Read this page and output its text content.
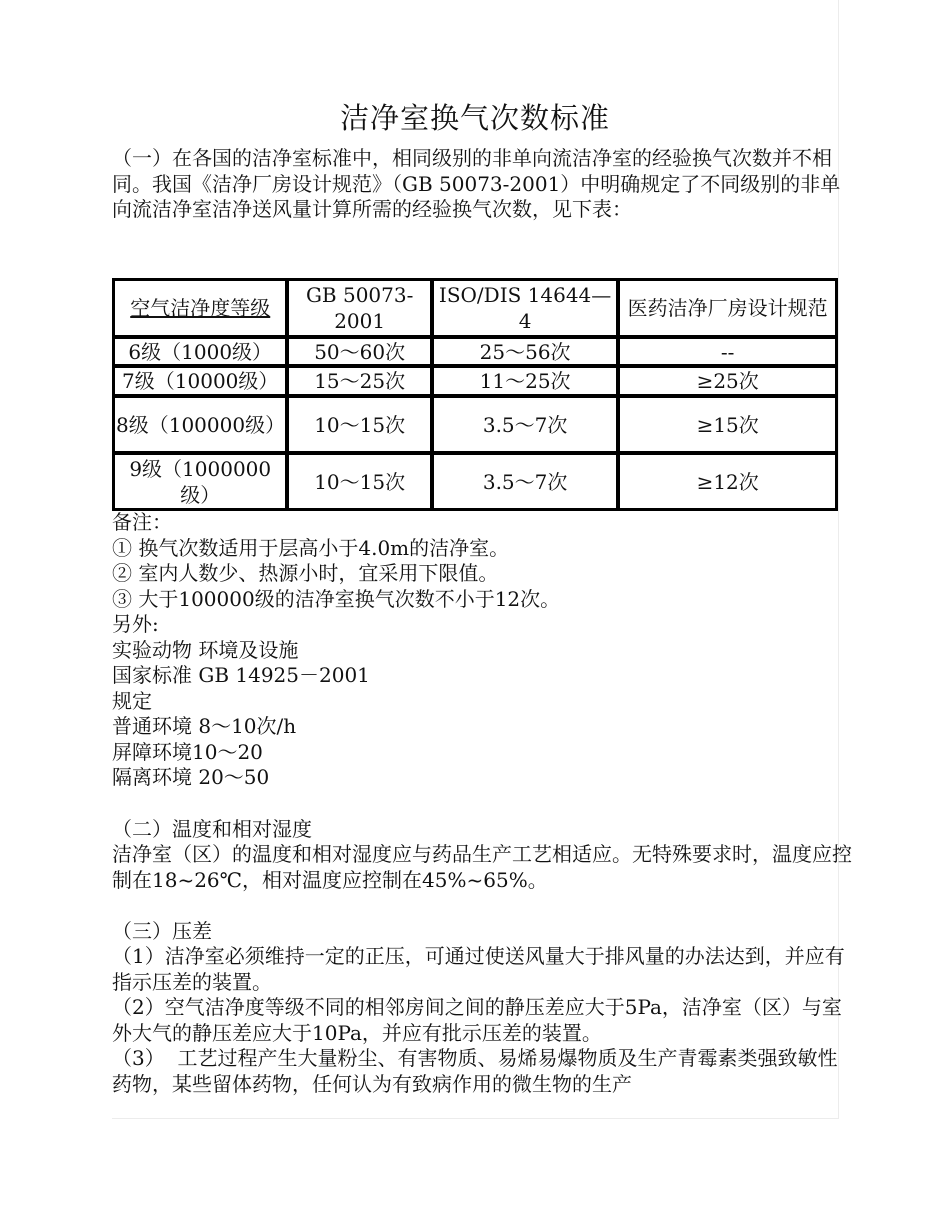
洁净室换气次数标准
（一）在各国的洁净室标准中，相同级别的非单向流洁净室的经验换气次数并不相同。我国《洁净厂房设计规范》（GB 50073-2001）中明确规定了不同级别的非单向流洁净室洁净送风量计算所需的经验换气次数，见下表：
空气洁净度等级	GB 50073-2001	ISO/DIS 14644—4	医药洁净厂房设计规范
6级（1000级）	50～60次	25～56次	--
7级（10000级）	15～25次	11～25次	≥25次
8级（100000级）	10～15次	3.5～7次	≥15次
9级（1000000级）	10～15次	3.5～7次	≥12次
备注：
① 换气次数适用于层高小于4.0m的洁净室。
② 室内人数少、热源小时，宜采用下限值。
③ 大于100000级的洁净室换气次数不小于12次。
另外:
实验动物 环境及设施
国家标准 GB 14925－2001
规定
普通环境 8～10次/h
屏障环境10～20
隔离环境 20～50
（二）温度和相对湿度
洁净室（区）的温度和相对湿度应与药品生产工艺相适应。无特殊要求时，温度应控制在18~26℃，相对温度应控制在45%~65%。
（三）压差
（1）洁净室必须维持一定的正压，可通过使送风量大于排风量的办法达到，并应有指示压差的装置。
（2）空气洁净度等级不同的相邻房间之间的静压差应大于5Pa，洁净室（区）与室外大气的静压差应大于10Pa，并应有批示压差的装置。
（3）  工艺过程产生大量粉尘、有害物质、易烯易爆物质及生产青霉素类强致敏性药物，某些留体药物，任何认为有致病作用的微生物的生产
